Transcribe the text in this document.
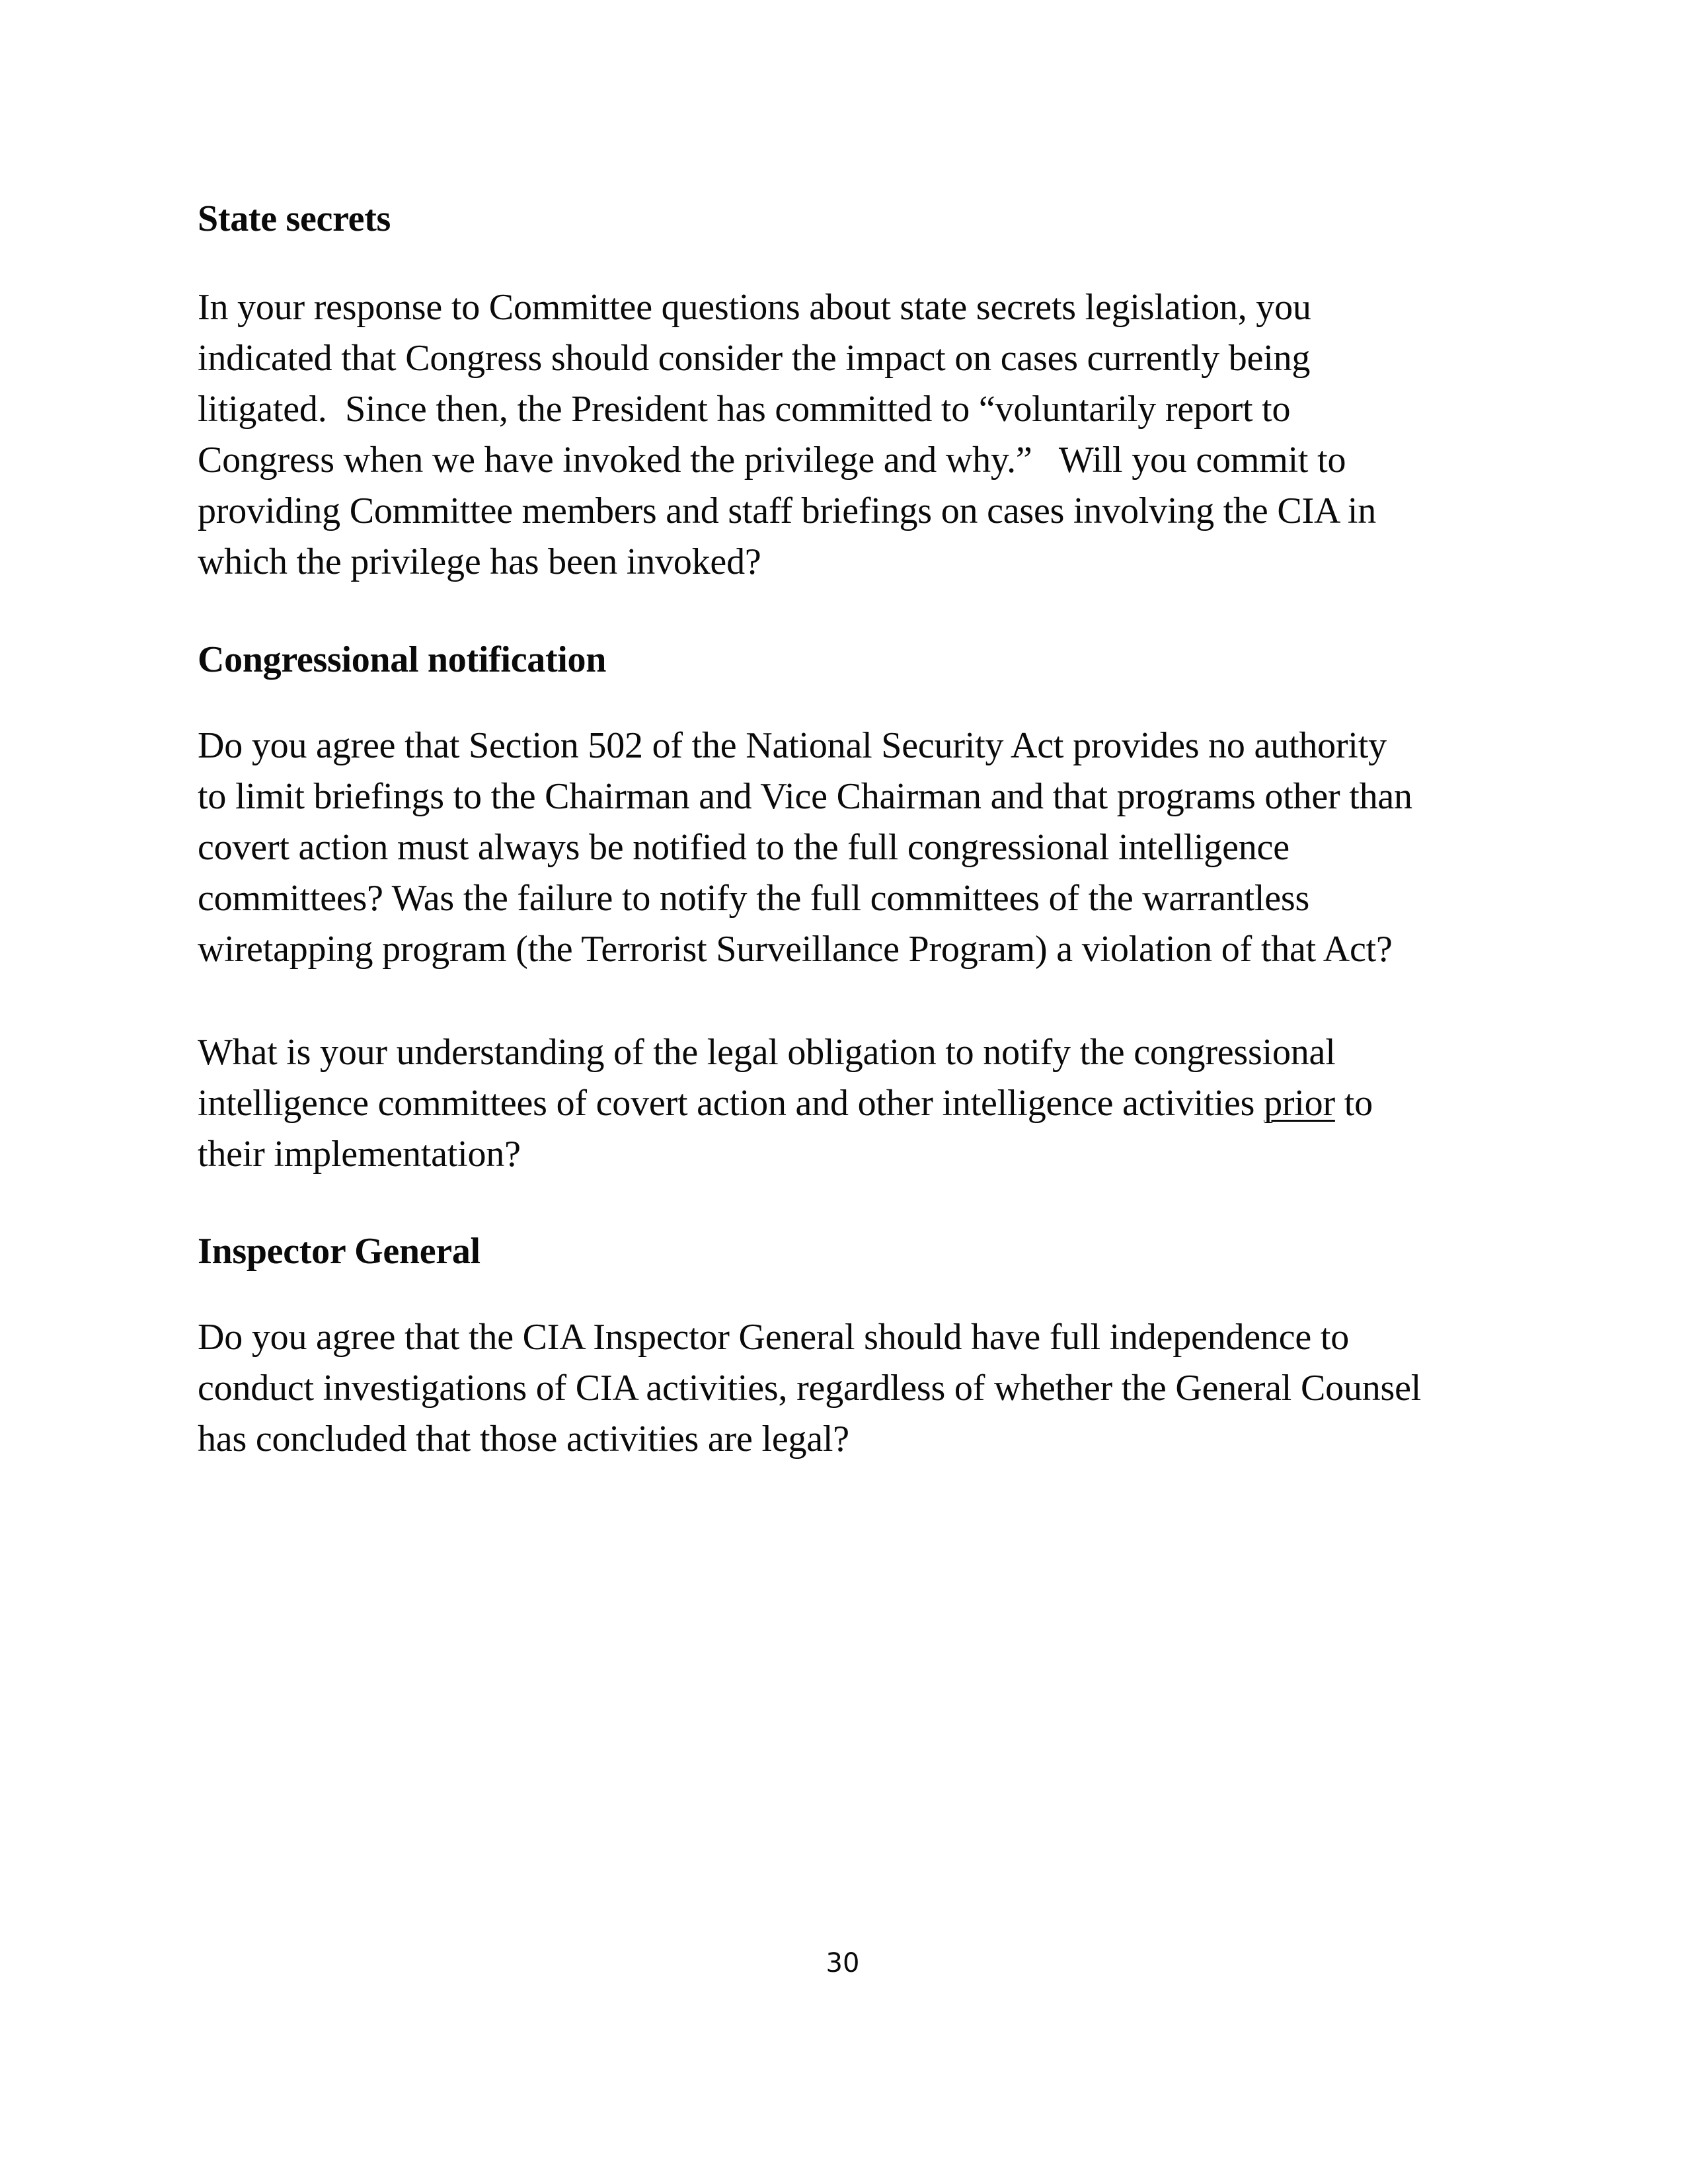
State secrets
In your response to Committee questions about state secrets legislation, you
indicated that Congress should consider the impact on cases currently being
litigated.  Since then, the President has committed to “voluntarily report to
Congress when we have invoked the privilege and why.”   Will you commit to
providing Committee members and staff briefings on cases involving the CIA in
which the privilege has been invoked?
Congressional notification
Do you agree that Section 502 of the National Security Act provides no authority
to limit briefings to the Chairman and Vice Chairman and that programs other than
covert action must always be notified to the full congressional intelligence
committees? Was the failure to notify the full committees of the warrantless
wiretapping program (the Terrorist Surveillance Program) a violation of that Act?
What is your understanding of the legal obligation to notify the congressional
intelligence committees of covert action and other intelligence activities prior to
their implementation?
Inspector General
Do you agree that the CIA Inspector General should have full independence to
conduct investigations of CIA activities, regardless of whether the General Counsel
has concluded that those activities are legal?
30
